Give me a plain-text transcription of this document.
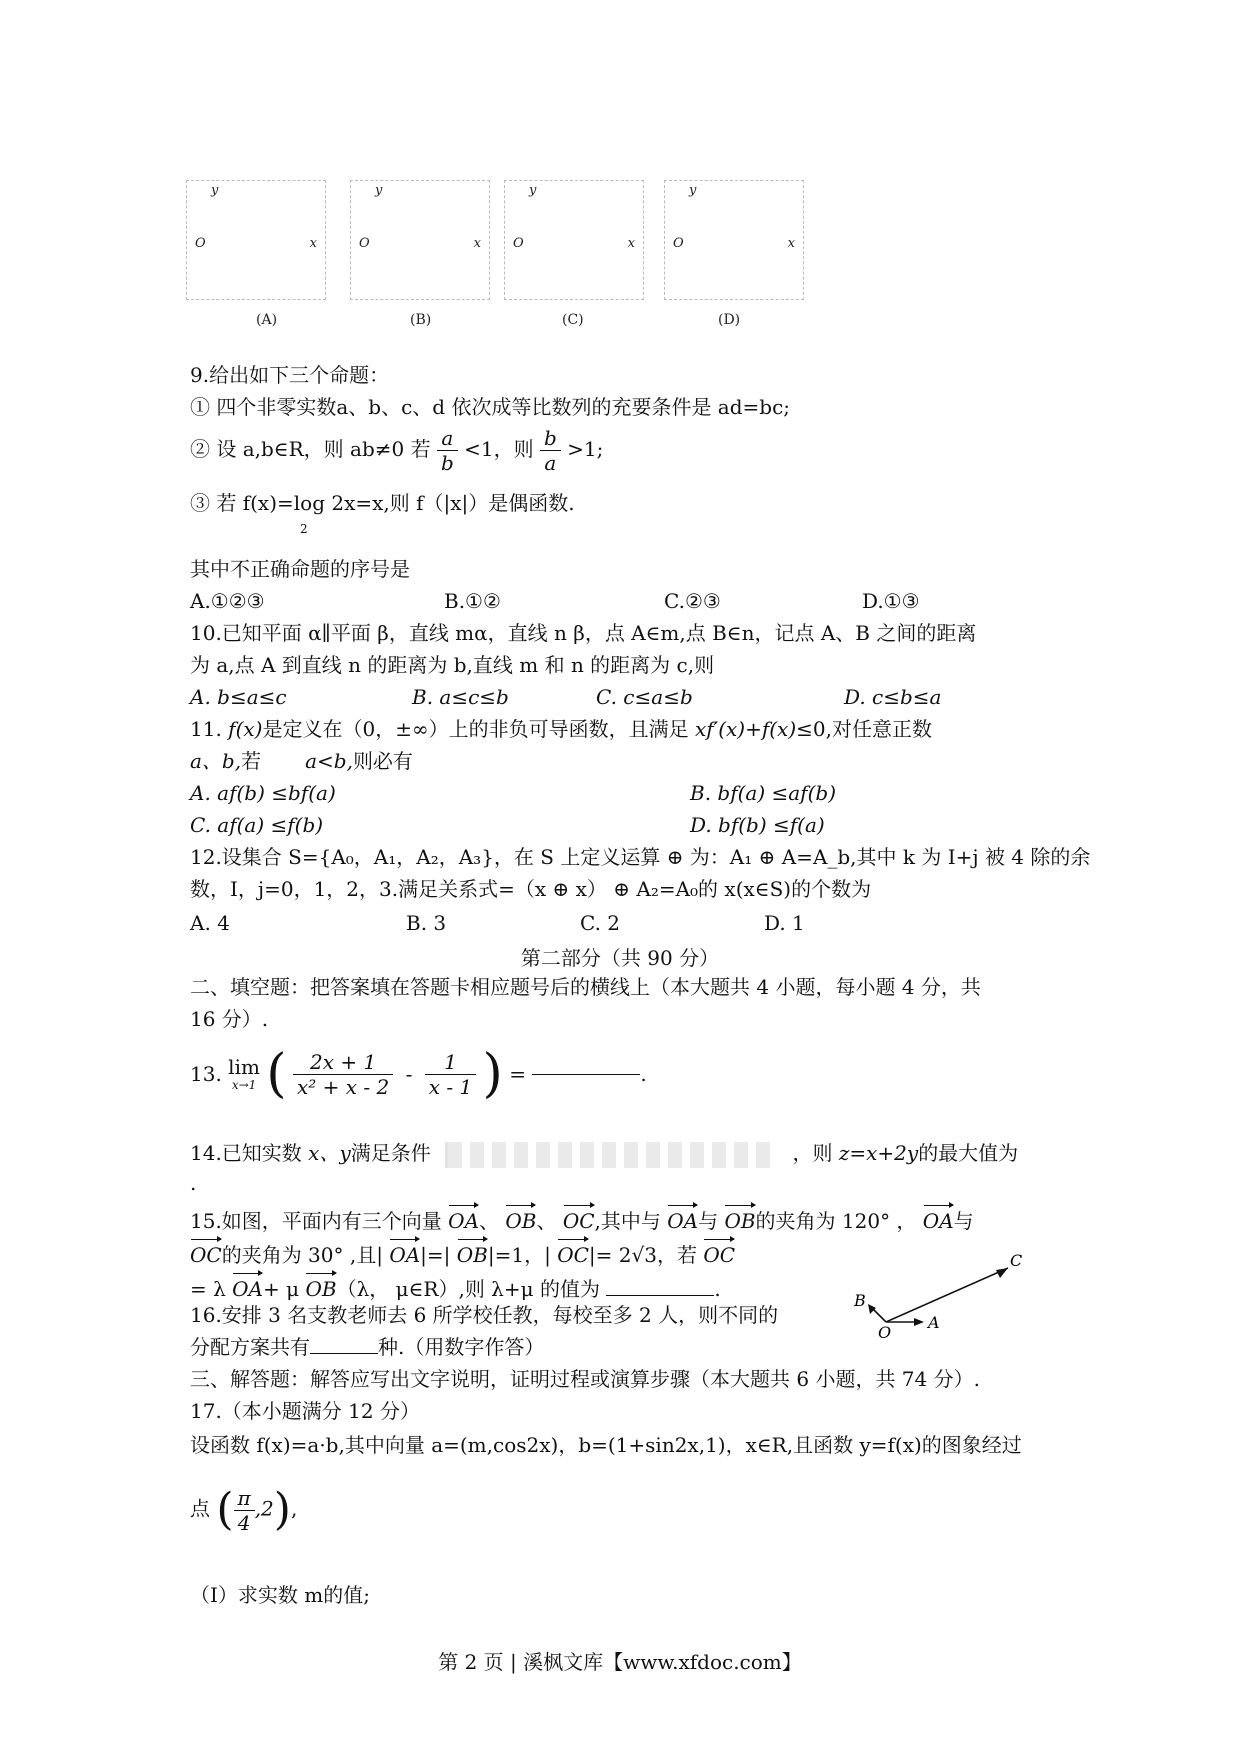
y
x
O
y
x
O
y
x
O
y
x
O
(A)	(B)	(C)	(D)
9.给出如下三个命题：
① 四个非零实数a、b、c、d 依次成等比数列的充要条件是 ad=bc;
② 设 a,b∈R，则 ab≠0 若 $\frac{a}{b} <1$，则 $\frac{b}{a} >1$;
③ 若 f(x)=log 2x=x,则 f（|x|）是偶函数.
2
其中不正确命题的序号是
A.①②③	B.①②	C.②③	D.①③
10.已知平面 α∥平面 β，直线 mα，直线 n β，点 A∈m,点 B∈n，记点 A、B 之间的距离
为 a,点 A 到直线 n 的距离为 b,直线 m 和 n 的距离为 c,则
A. b≤a≤c	B. a≤c≤b	C. c≤a≤b	D. c≤b≤a
11. f(x)是定义在（0，±∞）上的非负可导函数，且满足 xf′(x)+f(x)≤0,对任意正数
a、b,若 a<b,则必有
A. af(b) ≤bf(a)	B. bf(a) ≤af(b)
C. af(a) ≤f(b)	D. bf(b) ≤f(a)
12.设集合 S={A₀，A₁，A₂，A₃}，在 S 上定义运算 ⊕ 为：A₁ ⊕ A=A_b,其中 k 为 I+j 被 4 除的余
数，I，j=0，1，2，3.满足关系式=（x ⊕ x） ⊕ A₂=A₀的 x(x∈S)的个数为
A. 4	B. 3	C. 2	D. 1
第二部分（共 90 分）
二、填空题：把答案填在答题卡相应题号后的横线上（本大题共 4 小题，每小题 4 分，共
16 分）.
13. lim
x→1 ( $\frac{2x + 1}{\text{x² + x - 2}} - \frac{1}{x - 1}$ ) =	.
14.已知实数 x、y满足条件	，则 z=x+2y的最大值为
.
15.如图，平面内有三个向量 OA、 OB、 OC,其中与 OA与 OB的夹角为 120° ， OA与
OC的夹角为 30° ,且| OA|=| OB|=1，| OC|= 2√3，若 OC
= λ OA+ μ OB（λ， μ∈R）,则 λ+μ 的值为	.
C
B
A
O
16.安排 3 名支教老师去 6 所学校任教，每校至多 2 人，则不同的
分配方案共有	种.（用数字作答）
三、解答题：解答应写出文字说明，证明过程或演算步骤（本大题共 6 小题，共 74 分）.
17.（本小题满分 12 分）
设函数 f(x)=a·b,其中向量 a=(m,cos2x)，b=(1+sin2x,1)，x∈R,且函数 y=f(x)的图象经过
点 ( $\frac{\pi}{4} ,2$),
（Ⅰ）求实数 m的值;
第 2 页 | 溪枫文库【www.xfdoc.com】
